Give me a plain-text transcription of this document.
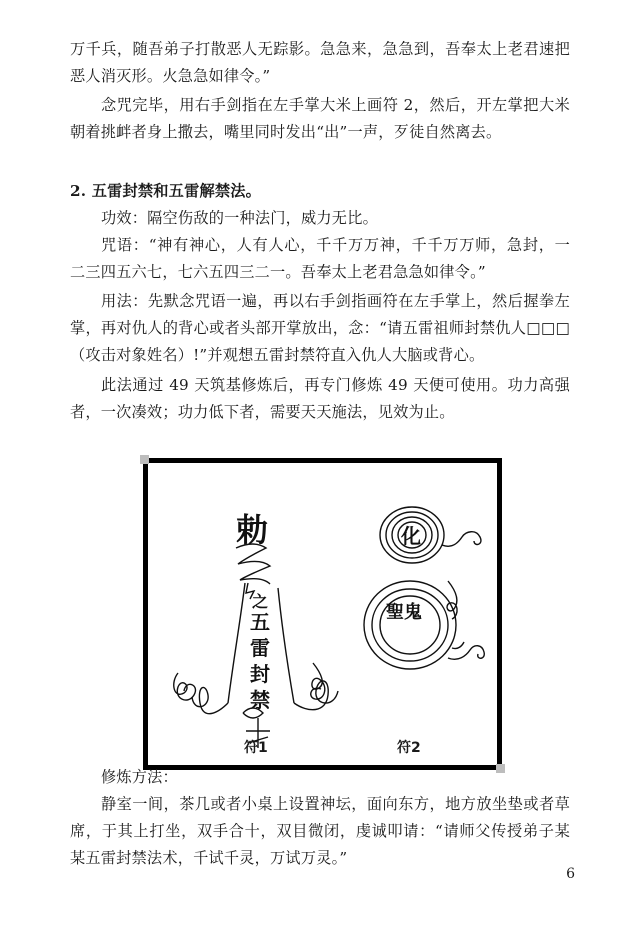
万千兵，随吾弟子打散恶人无踪影。急急来，急急到，吾奉太上老君速把恶人消灭形。火急急如律令。”

念咒完毕，用右手剑指在左手掌大米上画符 2，然后，开左掌把大米朝着挑衅者身上撒去，嘴里同时发出“出”一声，歹徒自然离去。

2. 五雷封禁和五雷解禁法。

功效：隔空伤敌的一种法门，威力无比。

咒语：“神有神心，人有人心，千千万万神，千千万万师，急封，一二三四五六七，七六五四三二一。吾奉太上老君急急如律令。”

用法：先默念咒语一遍，再以右手剑指画符在左手掌上，然后握拳左掌，再对仇人的背心或者头部开掌放出，念：“请五雷祖师封禁仇人□□□（攻击对象姓名）!”并观想五雷封禁符直入仇人大脑或背心。

此法通过 49 天筑基修炼后，再专门修炼 49 天便可使用。功力高强者，一次凑效；功力低下者，需要天天施法，见效为止。

勅
之
五
雷
封
禁
化
聖鬼
符1	符2

修炼方法：

静室一间，茶几或者小桌上设置神坛，面向东方，地方放坐垫或者草席，于其上打坐，双手合十，双目微闭，虔诚叩请：“请师父传授弟子某某五雷封禁法术，千试千灵，万试万灵。”

6
